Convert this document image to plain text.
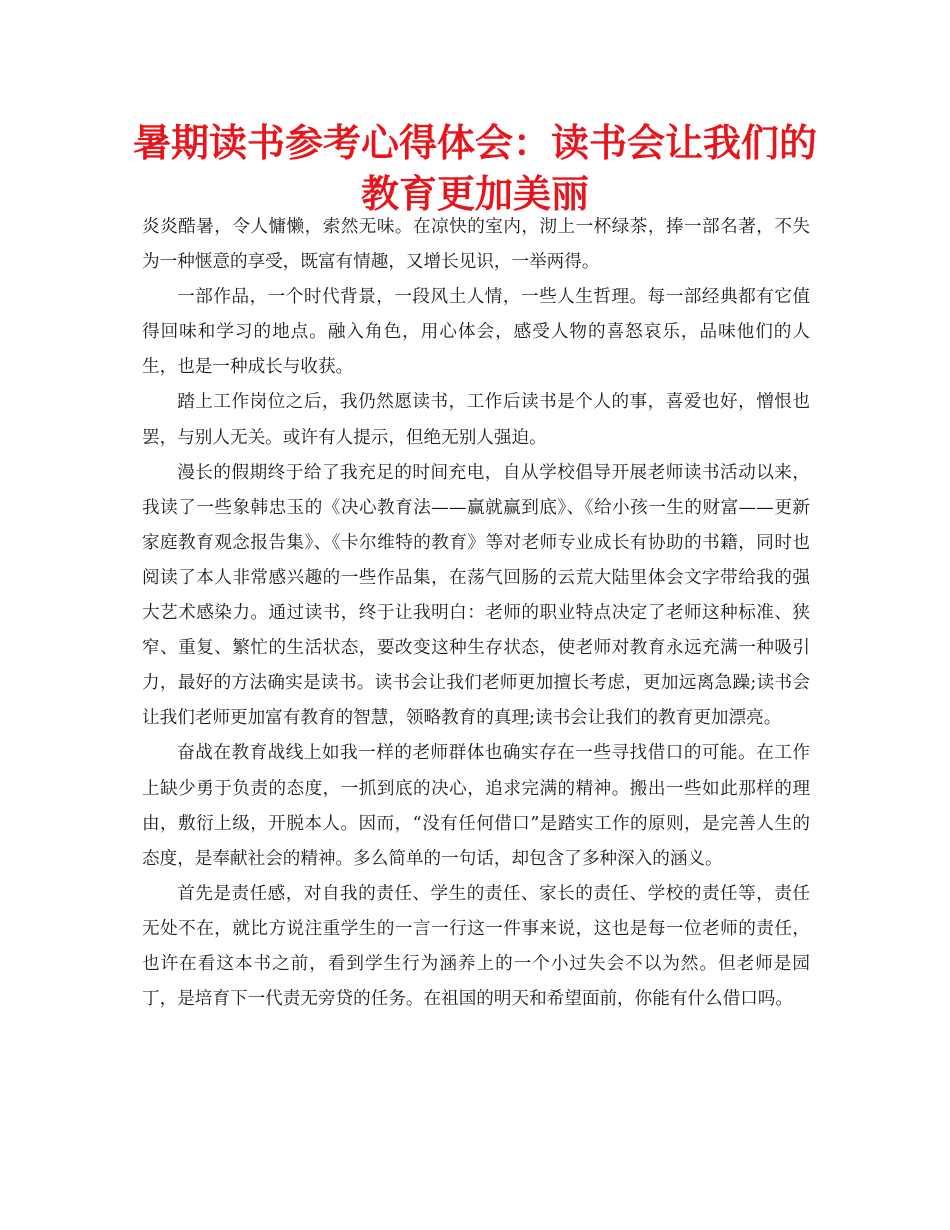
暑期读书参考心得体会：读书会让我们的教育更加美丽

炎炎酷暑，令人慵懒，索然无味。在凉快的室内，沏上一杯绿茶，捧一部名著，不失为一种惬意的享受，既富有情趣，又增长见识，一举两得。

一部作品，一个时代背景，一段风土人情，一些人生哲理。每一部经典都有它值得回味和学习的地点。融入角色，用心体会，感受人物的喜怒哀乐，品味他们的人生，也是一种成长与收获。

踏上工作岗位之后，我仍然愿读书，工作后读书是个人的事，喜爱也好，憎恨也罢，与别人无关。或许有人提示，但绝无别人强迫。

漫长的假期终于给了我充足的时间充电，自从学校倡导开展老师读书活动以来，我读了一些象韩忠玉的《决心教育法——赢就赢到底》、《给小孩一生的财富——更新家庭教育观念报告集》、《卡尔维特的教育》等对老师专业成长有协助的书籍，同时也阅读了本人非常感兴趣的一些作品集，在荡气回肠的云荒大陆里体会文字带给我的强大艺术感染力。通过读书，终于让我明白：老师的职业特点决定了老师这种标准、狭窄、重复、繁忙的生活状态，要改变这种生存状态，使老师对教育永远充满一种吸引力，最好的方法确实是读书。读书会让我们老师更加擅长考虑，更加远离急躁;读书会让我们老师更加富有教育的智慧，领略教育的真理;读书会让我们的教育更加漂亮。

奋战在教育战线上如我一样的老师群体也确实存在一些寻找借口的可能。在工作上缺少勇于负责的态度，一抓到底的决心，追求完满的精神。搬出一些如此那样的理由，敷衍上级，开脱本人。因而，“没有任何借口”是踏实工作的原则，是完善人生的态度，是奉献社会的精神。多么简单的一句话，却包含了多种深入的涵义。

首先是责任感，对自我的责任、学生的责任、家长的责任、学校的责任等，责任无处不在，就比方说注重学生的一言一行这一件事来说，这也是每一位老师的责任，也许在看这本书之前，看到学生行为涵养上的一个小过失会不以为然。但老师是园丁，是培育下一代责无旁贷的任务。在祖国的明天和希望面前，你能有什么借口吗。
